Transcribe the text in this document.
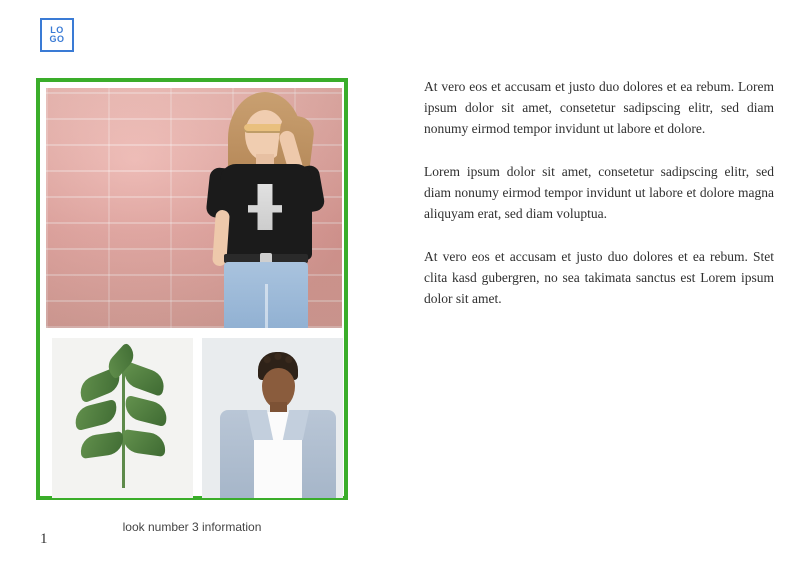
LO
GO
look number 3 information

At vero eos et accusam et justo duo dolores et ea rebum. Lorem ipsum dolor sit amet, consetetur sadipscing elitr, sed diam nonumy eirmod tempor invidunt ut labore et dolore.

Lorem ipsum dolor sit amet, consetetur sadipscing elitr, sed diam nonumy eirmod tempor invidunt ut labore et dolore magna aliquyam erat, sed diam voluptua.

At vero eos et accusam et justo duo dolores et ea rebum. Stet clita kasd gubergren, no sea takimata sanctus est Lorem ipsum dolor sit amet.

1
